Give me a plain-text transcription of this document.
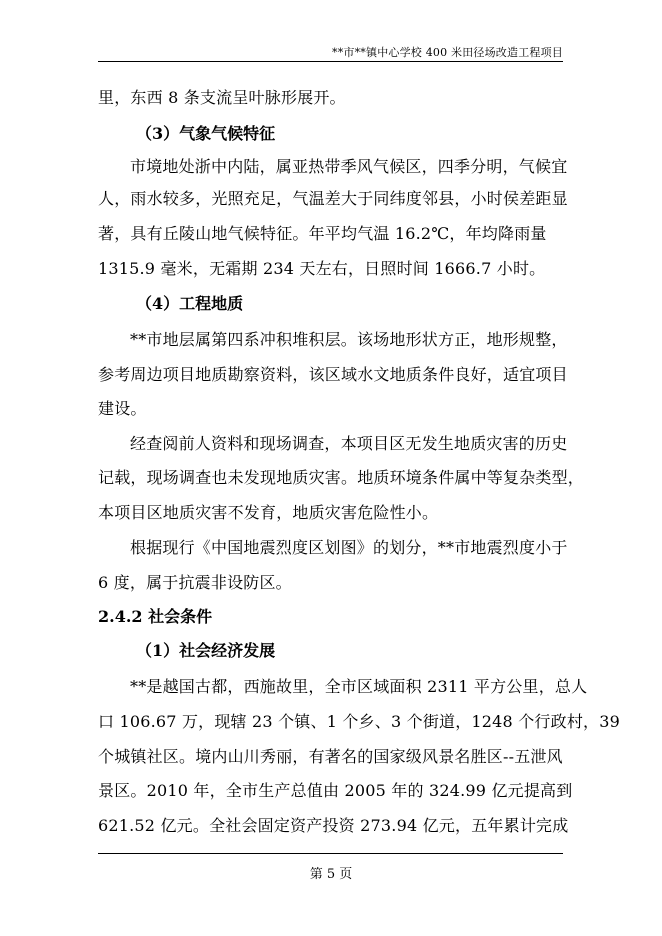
**市**镇中心学校 400 米田径场改造工程项目
里，东西 8 条支流呈叶脉形展开。
（3）气象气候特征
市境地处浙中内陆，属亚热带季风气候区，四季分明，气候宜
人，雨水较多，光照充足，气温差大于同纬度邻县，小时侯差距显
著，具有丘陵山地气候特征。年平均气温 16.2℃，年均降雨量
1315.9 毫米，无霜期 234 天左右，日照时间 1666.7 小时。
（4）工程地质
**市地层属第四系冲积堆积层。该场地形状方正，地形规整，
参考周边项目地质勘察资料，该区域水文地质条件良好，适宜项目
建设。
经查阅前人资料和现场调查，本项目区无发生地质灾害的历史
记载，现场调查也未发现地质灾害。地质环境条件属中等复杂类型，
本项目区地质灾害不发育，地质灾害危险性小。
根据现行《中国地震烈度区划图》的划分，**市地震烈度小于
6 度，属于抗震非设防区。
2.4.2 社会条件
（1）社会经济发展
**是越国古都，西施故里，全市区域面积 2311 平方公里，总人
口 106.67 万，现辖 23 个镇、1 个乡、3 个街道，1248 个行政村，39
个城镇社区。境内山川秀丽，有著名的国家级风景名胜区--五泄风
景区。2010 年，全市生产总值由 2005 年的 324.99 亿元提高到
621.52 亿元。全社会固定资产投资 273.94 亿元，五年累计完成
第 5 页
